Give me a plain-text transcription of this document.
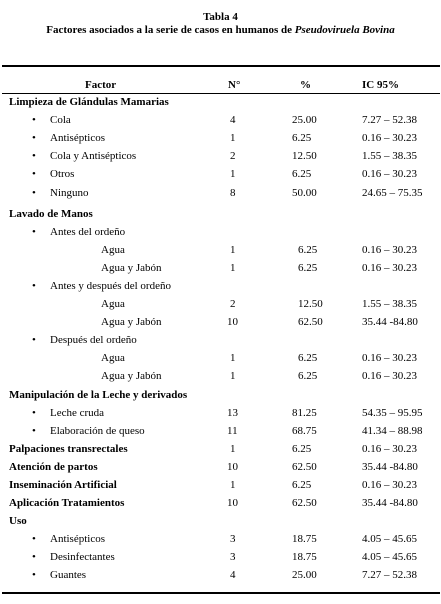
Tabla 4
Factores asociados a la serie de casos en humanos de Pseudoviruela Bovina
Factor	N°	%	IC 95%
Limpieza de Glándulas Mamarias
• Cola	4	25.00	7.27 – 52.38
• Antisépticos	1	6.25	0.16 – 30.23
• Cola y Antisépticos	2	12.50	1.55 – 38.35
• Otros	1	6.25	0.16 – 30.23
• Ninguno	8	50.00	24.65 – 75.35
Lavado de Manos
• Antes del ordeño
Agua	1	6.25	0.16 – 30.23
Agua y Jabón	1	6.25	0.16 – 30.23
• Antes y después del ordeño
Agua	2	12.50	1.55 – 38.35
Agua y Jabón	10	62.50	35.44 -84.80
• Después del ordeño
Agua	1	6.25	0.16 – 30.23
Agua y Jabón	1	6.25	0.16 – 30.23
Manipulación de la Leche y derivados
• Leche cruda	13	81.25	54.35 – 95.95
• Elaboración de queso	11	68.75	41.34 – 88.98
Palpaciones transrectales	1	6.25	0.16 – 30.23
Atención de partos	10	62.50	35.44 -84.80
Inseminación Artificial	1	6.25	0.16 – 30.23
Aplicación Tratamientos	10	62.50	35.44 -84.80
Uso
• Antisépticos	3	18.75	4.05 – 45.65
• Desinfectantes	3	18.75	4.05 – 45.65
• Guantes	4	25.00	7.27 – 52.38
